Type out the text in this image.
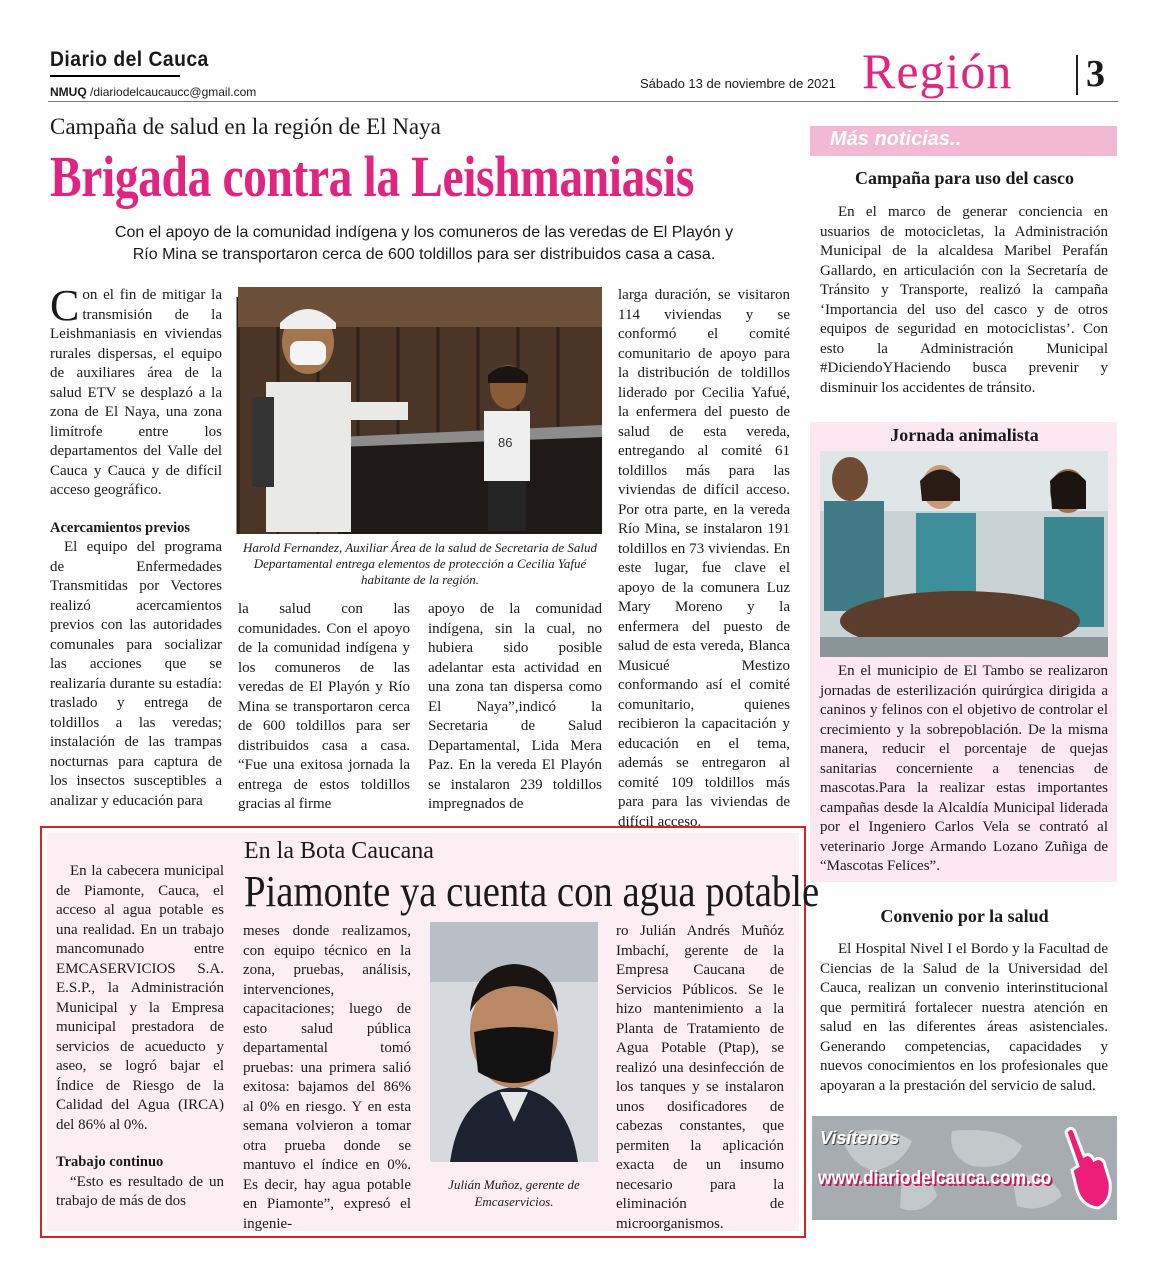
Diario del Cauca
NMUQ /diariodelcaucaucc@gmail.com
Sábado 13 de noviembre de 2021 Región 3
Campaña de salud en la región de El Naya
Brigada contra la Leishmaniasis
Con el apoyo de la comunidad indígena y los comuneros de las veredas de El Playón y
Río Mina se transportaron cerca de 600 toldillos para ser distribuidos casa a casa.

Con el fin de mitigar la transmisión de la Leishmaniasis en viviendas rurales dispersas, el equipo de auxiliares área de la salud ETV se desplazó a la zona de El Naya, una zona limítrofe entre los departamentos del Valle del Cauca y Cauca y de difícil acceso geográfico.

Acercamientos previos

El equipo del programa de Enfermedades Transmitidas por Vectores realizó acercamientos previos con las autoridades comunales para socializar las acciones que se realizaría durante su estadía: traslado y entrega de toldillos a las veredas; instalación de las trampas nocturnas para captura de los insectos susceptibles a analizar y educación para

86
Harold Fernandez, Auxiliar Área de la salud de Secretaria de Salud Departamental entrega elementos de protección a Cecilia Yafué habitante de la región.

la salud con las comunidades. Con el apoyo de la comunidad indígena y los comuneros de las veredas de El Playón y Río Mina se transportaron cerca de 600 toldillos para ser distribuidos casa a casa. “Fue una exitosa jornada la entrega de estos toldillos gracias al firme

apoyo de la comunidad indígena, sin la cual, no hubiera sido posible adelantar esta actividad en una zona tan dispersa como El Naya”,indicó la Secretaria de Salud Departamental, Lida Mera Paz. En la vereda El Playón se instalaron 239 toldillos impregnados de

larga duración, se visitaron 114 viviendas y se conformó el comité comunitario de apoyo para la distribución de toldillos liderado por Cecilia Yafué, la enfermera del puesto de salud de esta vereda, entregando al comité 61 toldillos más para las viviendas de difícil acceso. Por otra parte, en la vereda Río Mina, se instalaron 191 toldillos en 73 viviendas. En este lugar, fue clave el apoyo de la comunera Luz Mary Moreno y la enfermera del puesto de salud de esta vereda, Blanca Musicué Mestizo conformando así el comité comunitario, quienes recibieron la capacitación y educación en el tema, además se entregaron al comité 109 toldillos más para para las viviendas de difícil acceso.

Más noticias..
Campaña para uso del casco
En el marco de generar conciencia en usuarios de motocicletas, la Administración Municipal de la alcaldesa Maribel Perafán Gallardo, en articulación con la Secretaría de Tránsito y Transporte, realizó la campaña ‘Importancia del uso del casco y de otros equipos de seguridad en motociclistas’. Con esto la Administración Municipal #DiciendoYHaciendo busca prevenir y disminuir los accidentes de tránsito.
Jornada animalista
En el municipio de El Tambo se realizaron jornadas de esterilización quirúrgica dirigida a caninos y felinos con el objetivo de controlar el crecimiento y la sobrepoblación. De la misma manera, reducir el porcentaje de quejas sanitarias concerniente a tenencias de mascotas.Para la realizar estas importantes campañas desde la Alcaldía Municipal liderada por el Ingeniero Carlos Vela se contrató al veterinario Jorge Armando Lozano Zuñiga de “Mascotas Felices”.
Convenio por la salud
El Hospital Nivel I el Bordo y la Facultad de Ciencias de la Salud de la Universidad del Cauca, realizan un convenio interinstitucional que permitirá fortalecer nuestra atención en salud en las diferentes áreas asistenciales. Generando competencias, capacidades y nuevos conocimientos en los profesionales que apoyaran a la prestación del servicio de salud.
Visítenos
www.diariodelcauca.com.co
En la Bota Caucana
Piamonte ya cuenta con agua potable

En la cabecera municipal de Piamonte, Cauca, el acceso al agua potable es una realidad. En un trabajo mancomunado entre EMCASERVICIOS S.A. E.S.P., la Administración Municipal y la Empresa municipal prestadora de servicios de acueducto y aseo, se logró bajar el Índice de Riesgo de la Calidad del Agua (IRCA) del 86% al 0%.

Trabajo continuo

“Esto es resultado de un trabajo de más de dos

meses donde realizamos, con equipo técnico en la zona, pruebas, análisis, intervenciones, capacitaciones; luego de esto salud pública departamental tomó pruebas: una primera salió exitosa: bajamos del 86% al 0% en riesgo. Y en esta semana volvieron a tomar otra prueba donde se mantuvo el índice en 0%. Es decir, hay agua potable en Piamonte”, expresó el ingenie-

Julián Muñoz, gerente de Emcaservicios.

ro Julián Andrés Muñóz Imbachí, gerente de la Empresa Caucana de Servicios Públicos. Se le hizo mantenimiento a la Planta de Tratamiento de Agua Potable (Ptap), se realizó una desinfección de los tanques y se instalaron unos dosificadores de cabezas constantes, que permiten la aplicación exacta de un insumo necesario para la eliminación de microorganismos.
